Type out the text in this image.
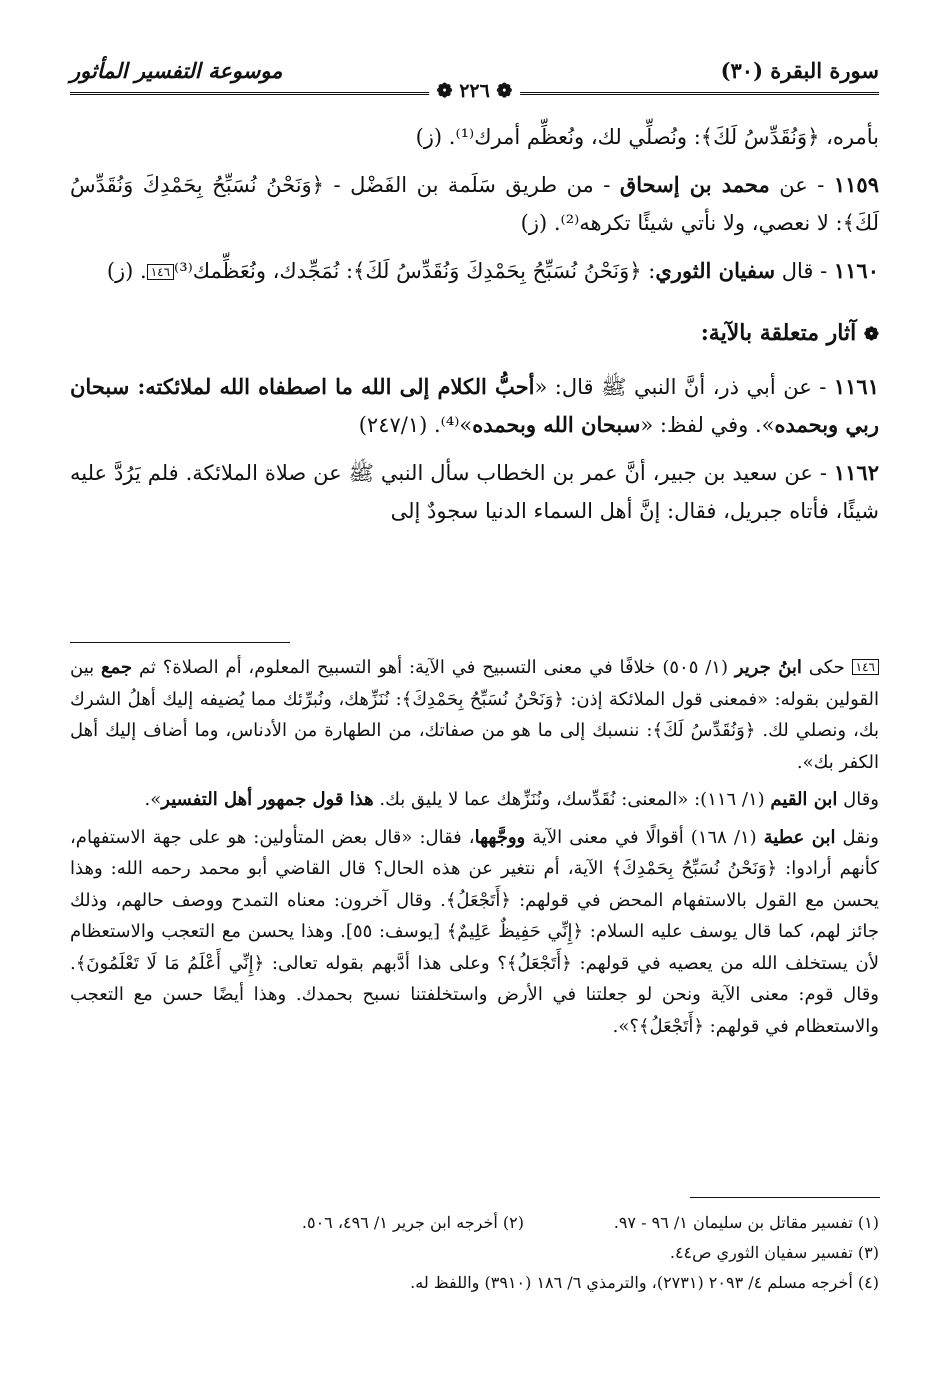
سورة البقرة (٣٠)
موسوعة التفسير المأثور
❁ ٢٢٦ ❁

بأمره، ﴿وَنُقَدِّسُ لَكَ﴾: ونُصلِّي لك، ونُعظِّم أمرك⁽¹⁾. (ز)

١١٥٩ - عن محمد بن إسحاق - من طريق سَلَمة بن الفَضْل - ﴿وَنَحْنُ نُسَبِّحُ بِحَمْدِكَ وَنُقَدِّسُ لَكَ﴾: لا نعصي، ولا نأتي شيئًا تكرهه⁽²⁾. (ز)

١١٦٠ - قال سفيان الثوري: ﴿وَنَحْنُ نُسَبِّحُ بِحَمْدِكَ وَنُقَدِّسُ لَكَ﴾: نُمَجِّدك، ونُعَظِّمك⁽³⁾١٤٦. (ز)

❁ آثار متعلقة بالآية:

١١٦١ - عن أبي ذر، أنَّ النبي ﷺ قال: «أحبُّ الكلام إلى الله ما اصطفاه الله لملائكته: سبحان ربي وبحمده». وفي لفظ: «سبحان الله وبحمده»⁽⁴⁾. (٢٤٧/١)

١١٦٢ - عن سعيد بن جبير، أنَّ عمر بن الخطاب سأل النبي ﷺ عن صلاة الملائكة. فلم يَرُدَّ عليه شيئًا، فأتاه جبريل، فقال: إنَّ أهل السماء الدنيا سجودٌ إلى

١٤٦ حكى ابنُ جرير (١/ ٥٠٥) خلافًا في معنى التسبيح في الآية: أهو التسبيح المعلوم، أم الصلاة؟ ثم جمع بين القولين بقوله: «فمعنى قول الملائكة إذن: ﴿وَنَحْنُ نُسَبِّحُ بِحَمْدِكَ﴾: نُنَزِّهك، ونُبرِّئك مما يُضيفه إليك أهلُ الشرك بك، ونصلي لك. ﴿وَنُقَدِّسُ لَكَ﴾: ننسبك إلى ما هو من صفاتك، من الطهارة من الأدناس، وما أضاف إليك أهل الكفر بك».

وقال ابن القيم (١/ ١١٦): «المعنى: نُقَدِّسك، ونُنَزِّهك عما لا يليق بك. هذا قول جمهور أهل التفسير».

ونقل ابن عطية (١/ ١٦٨) أقوالًا في معنى الآية ووجَّهها، فقال: «قال بعض المتأولين: هو على جهة الاستفهام، كأنهم أرادوا: ﴿وَنَحْنُ نُسَبِّحُ بِحَمْدِكَ﴾ الآية، أم نتغير عن هذه الحال؟ قال القاضي أبو محمد رحمه الله: وهذا يحسن مع القول بالاستفهام المحض في قولهم: ﴿أَتَجْعَلُ﴾. وقال آخرون: معناه التمدح ووصف حالهم، وذلك جائز لهم، كما قال يوسف عليه السلام: ﴿إِنِّي حَفِيظٌ عَلِيمٌ﴾ [يوسف: ٥٥]. وهذا يحسن مع التعجب والاستعظام لأن يستخلف الله من يعصيه في قولهم: ﴿أَتَجْعَلُ﴾؟ وعلى هذا أدَّبهم بقوله تعالى: ﴿إِنِّي أَعْلَمُ مَا لَا تَعْلَمُونَ﴾. وقال قوم: معنى الآية ونحن لو جعلتنا في الأرض واستخلفتنا نسبح بحمدك. وهذا أيضًا حسن مع التعجب والاستعظام في قولهم: ﴿أَتَجْعَلُ﴾؟».

(١) تفسير مقاتل بن سليمان ١/ ٩٦ - ٩٧.
(٢) أخرجه ابن جرير ١/ ٤٩٦، ٥٠٦.
(٣) تفسير سفيان الثوري ص٤٤.
(٤) أخرجه مسلم ٤/ ٢٠٩٣ (٢٧٣١)، والترمذي ٦/ ١٨٦ (٣٩١٠) واللفظ له.
